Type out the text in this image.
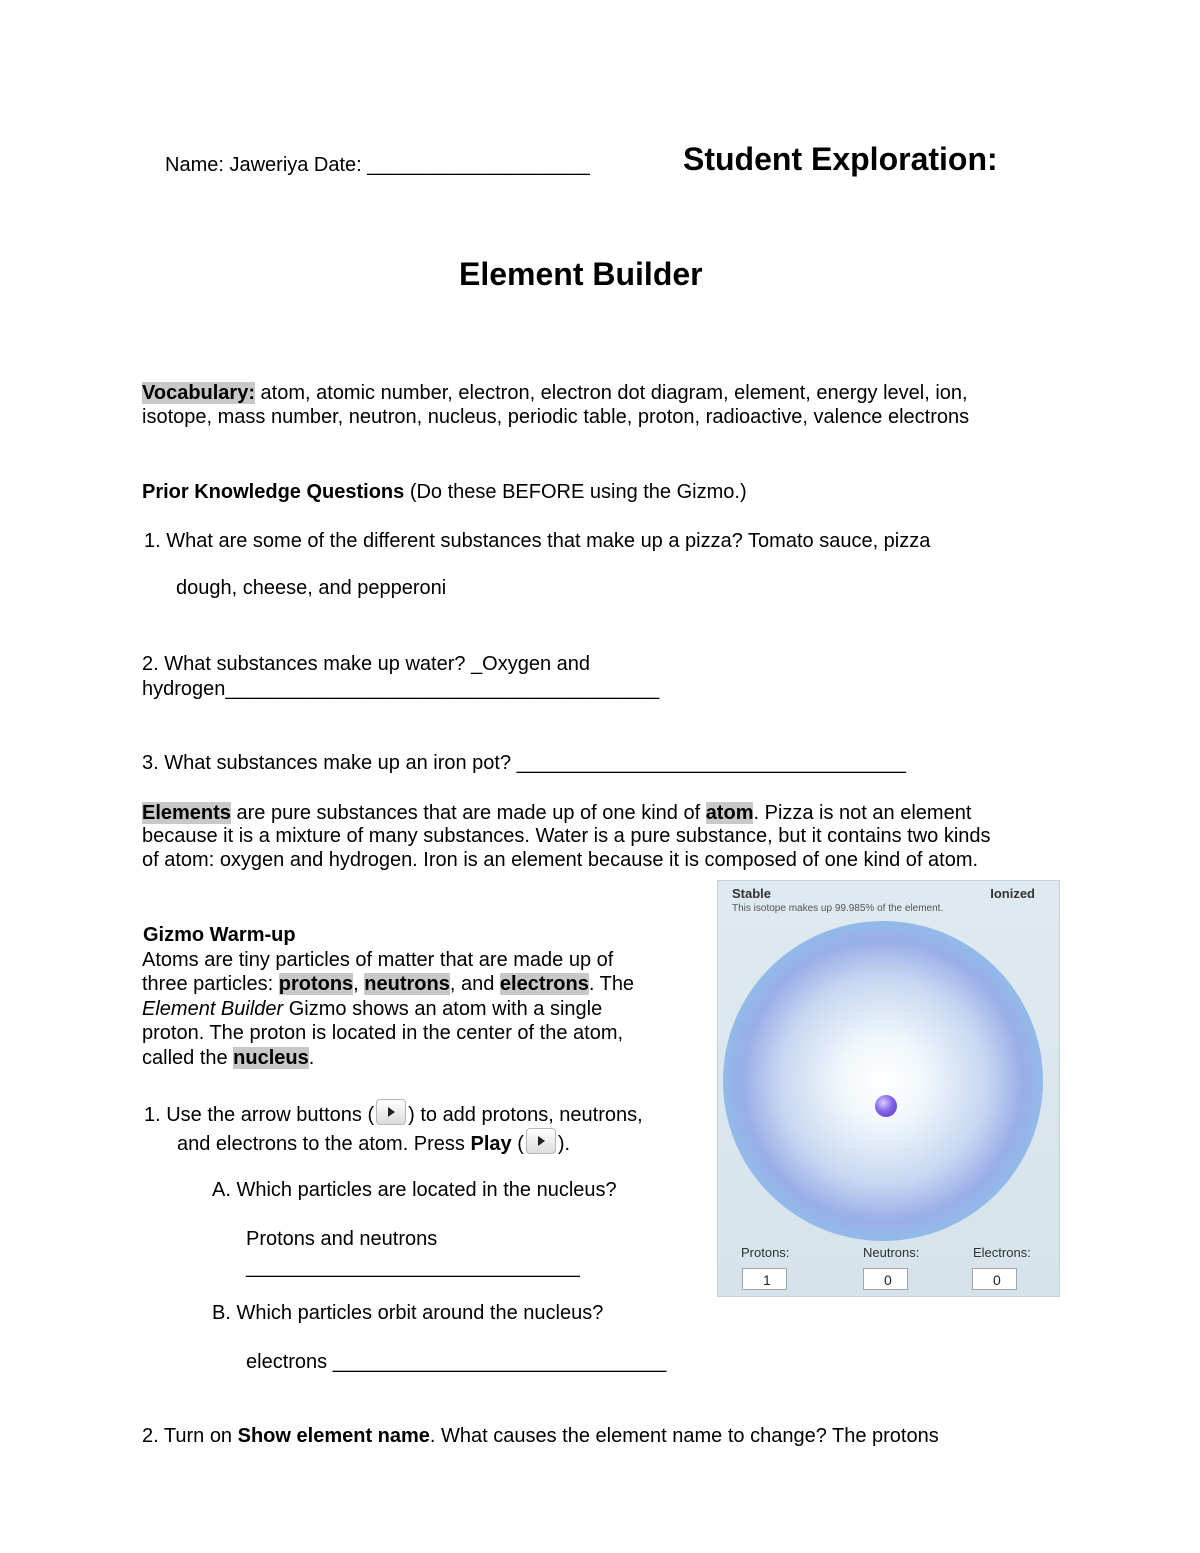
Name: Jaweriya Date: ____________________	Student Exploration:
Element Builder
Vocabulary: atom, atomic number, electron, electron dot diagram, element, energy level, ion,
isotope, mass number, neutron, nucleus, periodic table, proton, radioactive, valence electrons
Prior Knowledge Questions (Do these BEFORE using the Gizmo.)
1. What are some of the different substances that make up a pizza? Tomato sauce, pizza
dough, cheese, and pepperoni
2. What substances make up water? _Oxygen and
hydrogen_______________________________________
3. What substances make up an iron pot? ___________________________________
Elements are pure substances that are made up of one kind of atom. Pizza is not an element
because it is a mixture of many substances. Water is a pure substance, but it contains two kinds
of atom: oxygen and hydrogen. Iron is an element because it is composed of one kind of atom.
Gizmo Warm-up
Atoms are tiny particles of matter that are made up of
three particles: protons, neutrons, and electrons. The
Element Builder Gizmo shows an atom with a single
proton. The proton is located in the center of the atom,
called the nucleus.
1. Use the arrow buttons ( ) to add protons, neutrons,
and electrons to the atom. Press Play ( ).
A. Which particles are located in the nucleus?
Protons and neutrons
______________________________
B. Which particles orbit around the nucleus?
electrons ______________________________
2. Turn on Show element name. What causes the element name to change? The protons
Stable	Ionized
This isotope makes up 99.985% of the element.
Protons:	Neutrons:	Electrons:
1	0	0
